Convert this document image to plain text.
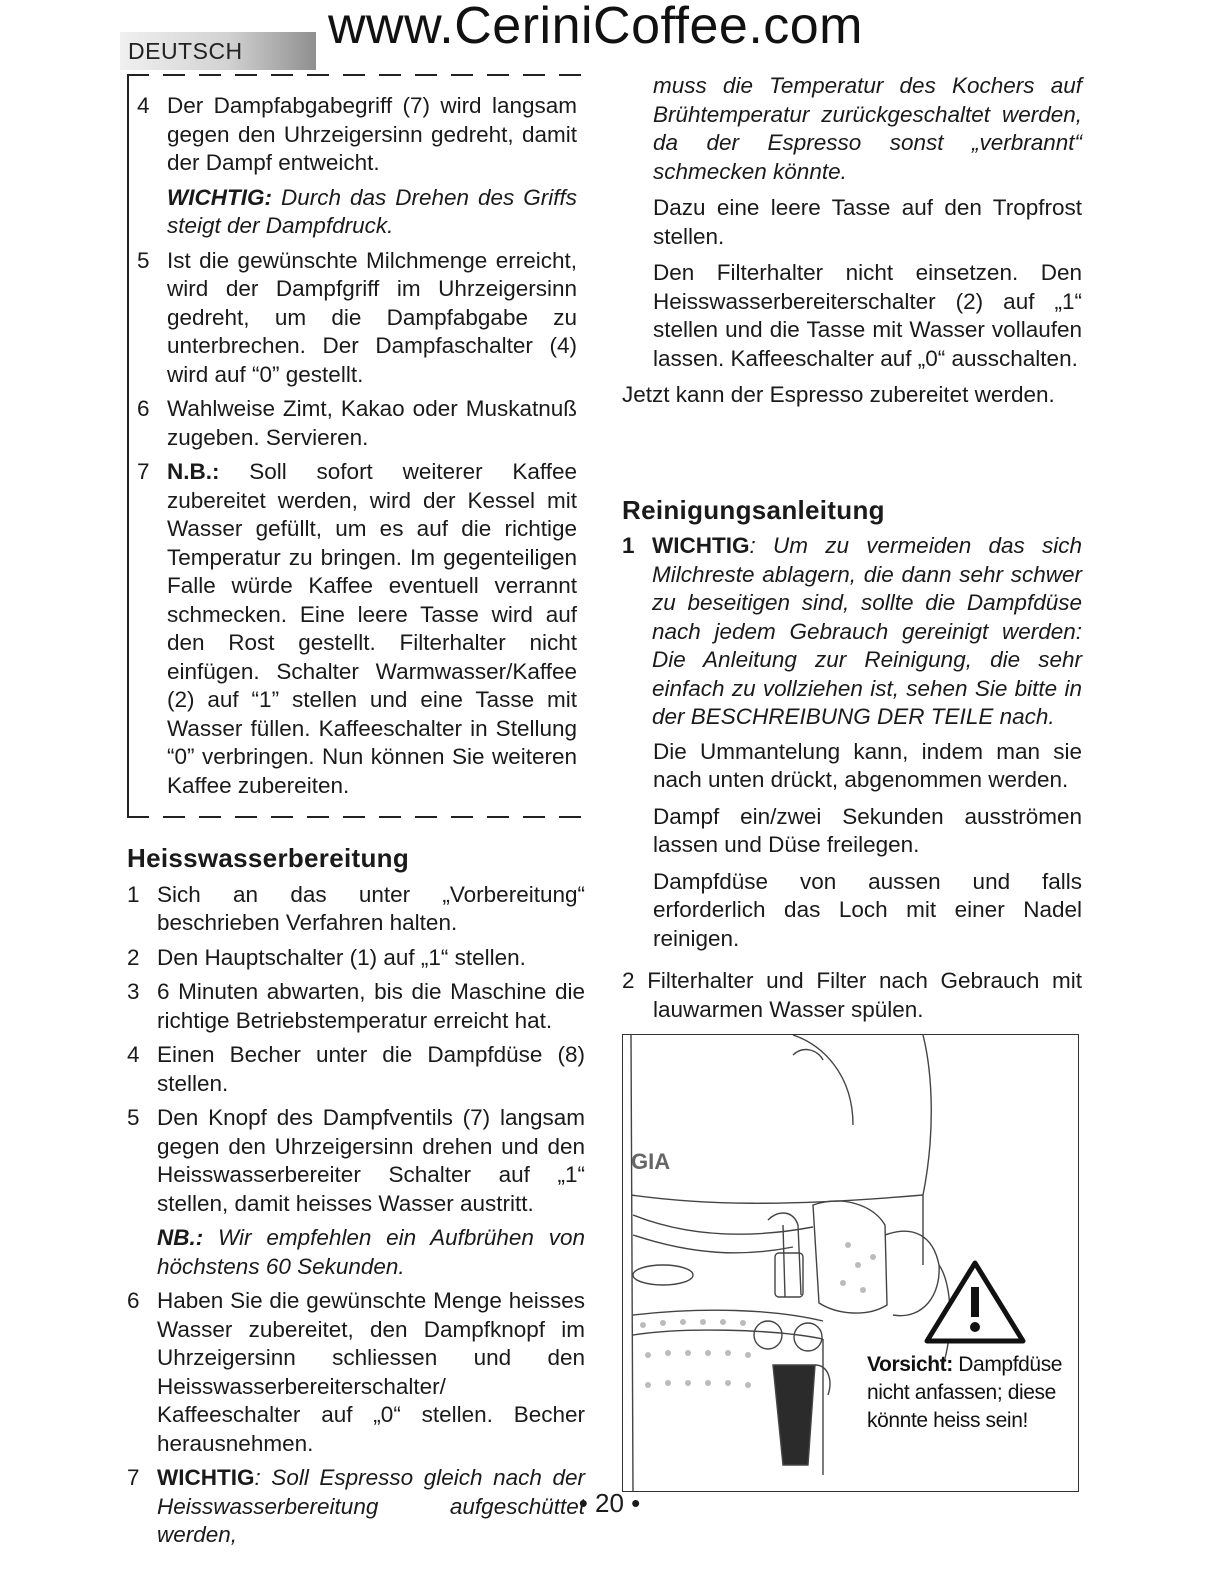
DEUTSCH	www.CeriniCoffee.com
4 Der Dampfabgabegriff (7) wird langsam gegen den Uhrzeigersinn gedreht, damit der Dampf entweicht.

WICHTIG: Durch das Drehen des Griffs steigt der Dampfdruck.

5 Ist die gewünschte Milchmenge erreicht, wird der Dampfgriff im Uhrzeigersinn gedreht, um die Dampfabgabe zu unterbrechen. Der Dampfaschalter (4) wird auf “0” gestellt.
6 Wahlweise Zimt, Kakao oder Muskatnuß zugeben. Servieren.
7 N.B.: Soll sofort weiterer Kaffee zubereitet werden, wird der Kessel mit Wasser gefüllt, um es auf die richtige Temperatur zu bringen. Im gegenteiligen Falle würde Kaffee eventuell verrannt schmecken. Eine leere Tasse wird auf den Rost gestellt. Filterhalter nicht einfügen. Schalter Warmwasser/Kaffee (2) auf “1” stellen und eine Tasse mit Wasser füllen. Kaffeeschalter in Stellung “0” verbringen. Nun können Sie weiteren Kaffee zubereiten.
Heisswasserbereitung
1 Sich an das unter „Vorbereitung“ beschrieben Verfahren halten.
2 Den Hauptschalter (1) auf „1“ stellen.
3 6 Minuten abwarten, bis die Maschine die richtige Betriebstemperatur erreicht hat.
4 Einen Becher unter die Dampfdüse (8) stellen.
5 Den Knopf des Dampfventils (7) langsam gegen den Uhrzeigersinn drehen und den Heisswasserbereiter Schalter auf „1“ stellen, damit heisses Wasser austritt.

NB.: Wir empfehlen ein Aufbrühen von höchstens 60 Sekunden.

6 Haben Sie die gewünschte Menge heisses Wasser zubereitet, den Dampfknopf im Uhrzeigersinn schliessen und den Heisswasserbereiterschalter/ Kaffeeschalter auf „0“ stellen. Becher herausnehmen.
7 WICHTIG: Soll Espresso gleich nach der Heisswasserbereitung aufgeschüttet werden,

muss die Temperatur des Kochers auf Brühtemperatur zurückgeschaltet werden, da der Espresso sonst „verbrannt“ schmecken könnte.

Dazu eine leere Tasse auf den Tropfrost stellen.

Den Filterhalter nicht einsetzen. Den Heisswasserbereiterschalter (2) auf „1“ stellen und die Tasse mit Wasser vollaufen lassen. Kaffeeschalter auf „0“ ausschalten.

Jetzt kann der Espresso zubereitet werden.

Reinigungsanleitung
1 WICHTIG: Um zu vermeiden das sich Milchreste ablagern, die dann sehr schwer zu beseitigen sind, sollte die Dampfdüse nach jedem Gebrauch gereinigt werden: Die Anleitung zur Reinigung, die sehr einfach zu vollziehen ist, sehen Sie bitte in der BESCHREIBUNG DER TEILE nach.

Die Ummantelung kann, indem man sie nach unten drückt, abgenommen werden.

Dampf ein/zwei Sekunden ausströmen lassen und Düse freilegen.

Dampfdüse von aussen und falls erforderlich das Loch mit einer Nadel reinigen.

2 Filterhalter und Filter nach Gebrauch mit lauwarmen Wasser spülen.

GIA
Vorsicht: Dampfdüse nicht anfassen; diese könnte heiss sein!
• 20 •
